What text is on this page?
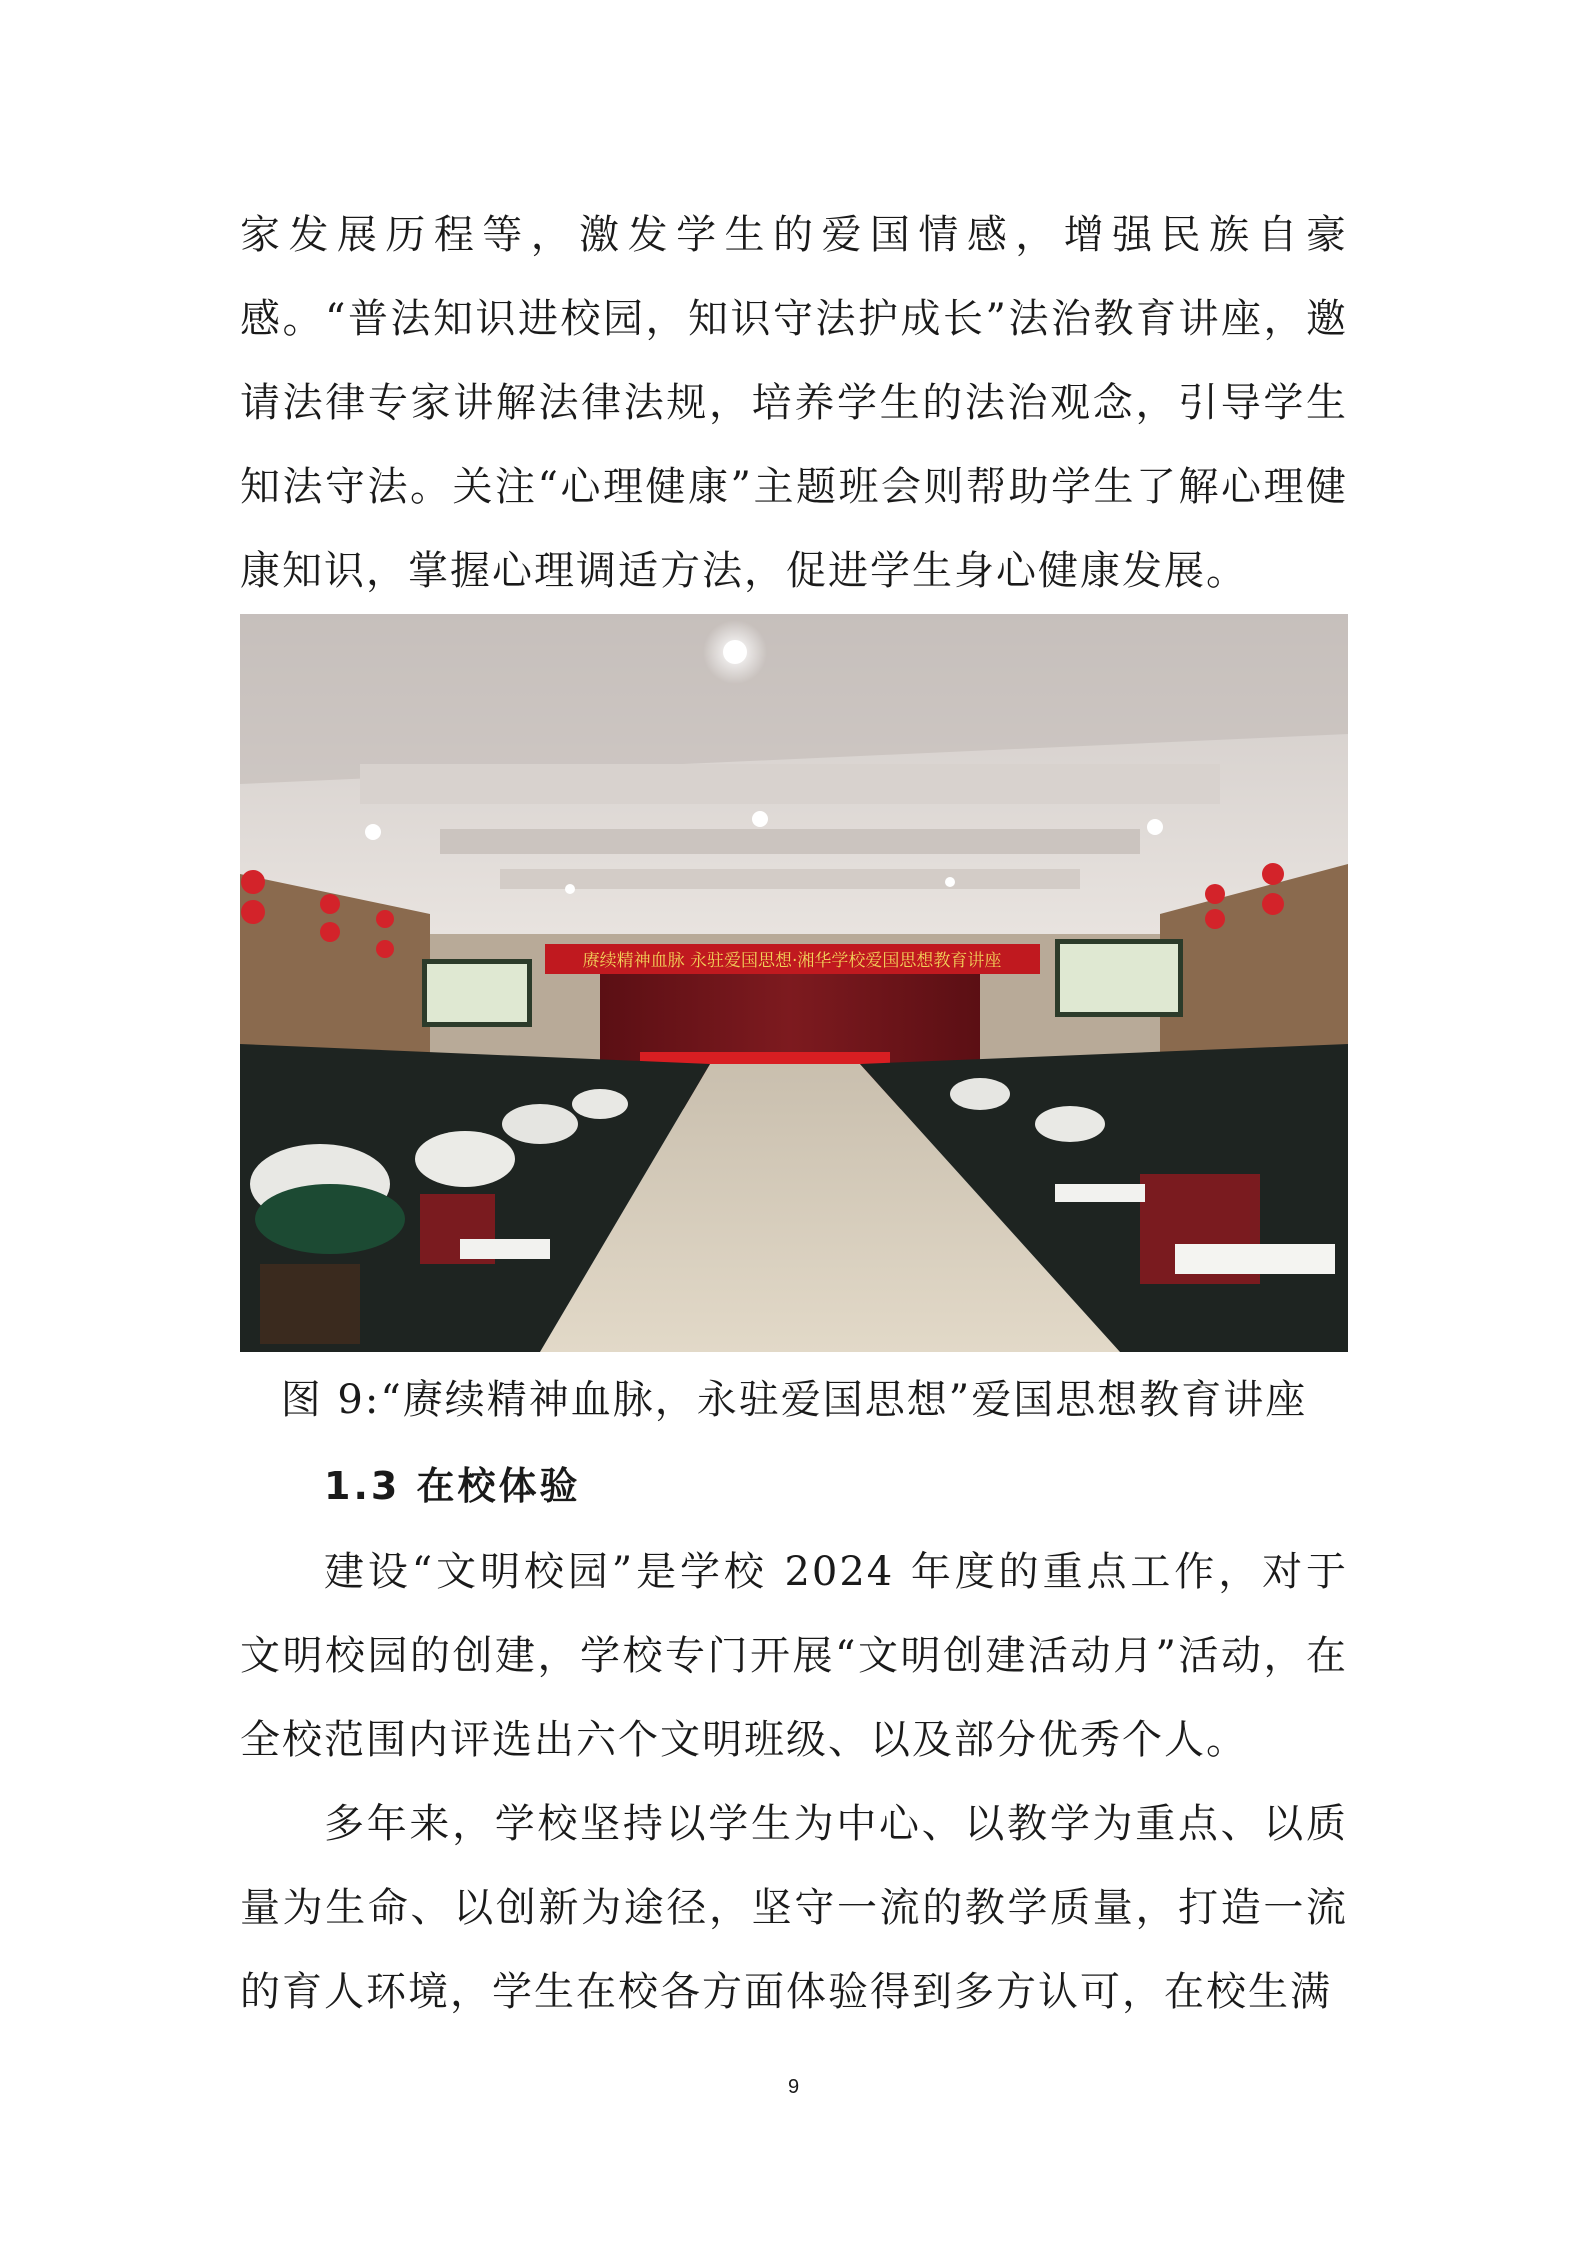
家发展历程等，激发学生的爱国情感，增强民族自豪感。“普法知识进校园，知识守法护成长”法治教育讲座，邀请法律专家讲解法律法规，培养学生的法治观念，引导学生知法守法。关注“心理健康”主题班会则帮助学生了解心理健康知识，掌握心理调适方法，促进学生身心健康发展。

赓续精神血脉 永驻爱国思想·湘华学校爱国思想教育讲座

图 9:“赓续精神血脉，永驻爱国思想”爱国思想教育讲座

1.3 在校体验

建设“文明校园”是学校 2024 年度的重点工作，对于文明校园的创建，学校专门开展“文明创建活动月”活动，在全校范围内评选出六个文明班级、以及部分优秀个人。

多年来，学校坚持以学生为中心、以教学为重点、以质量为生命、以创新为途径，坚守一流的教学质量，打造一流的育人环境，学生在校各方面体验得到多方认可，在校生满

9
